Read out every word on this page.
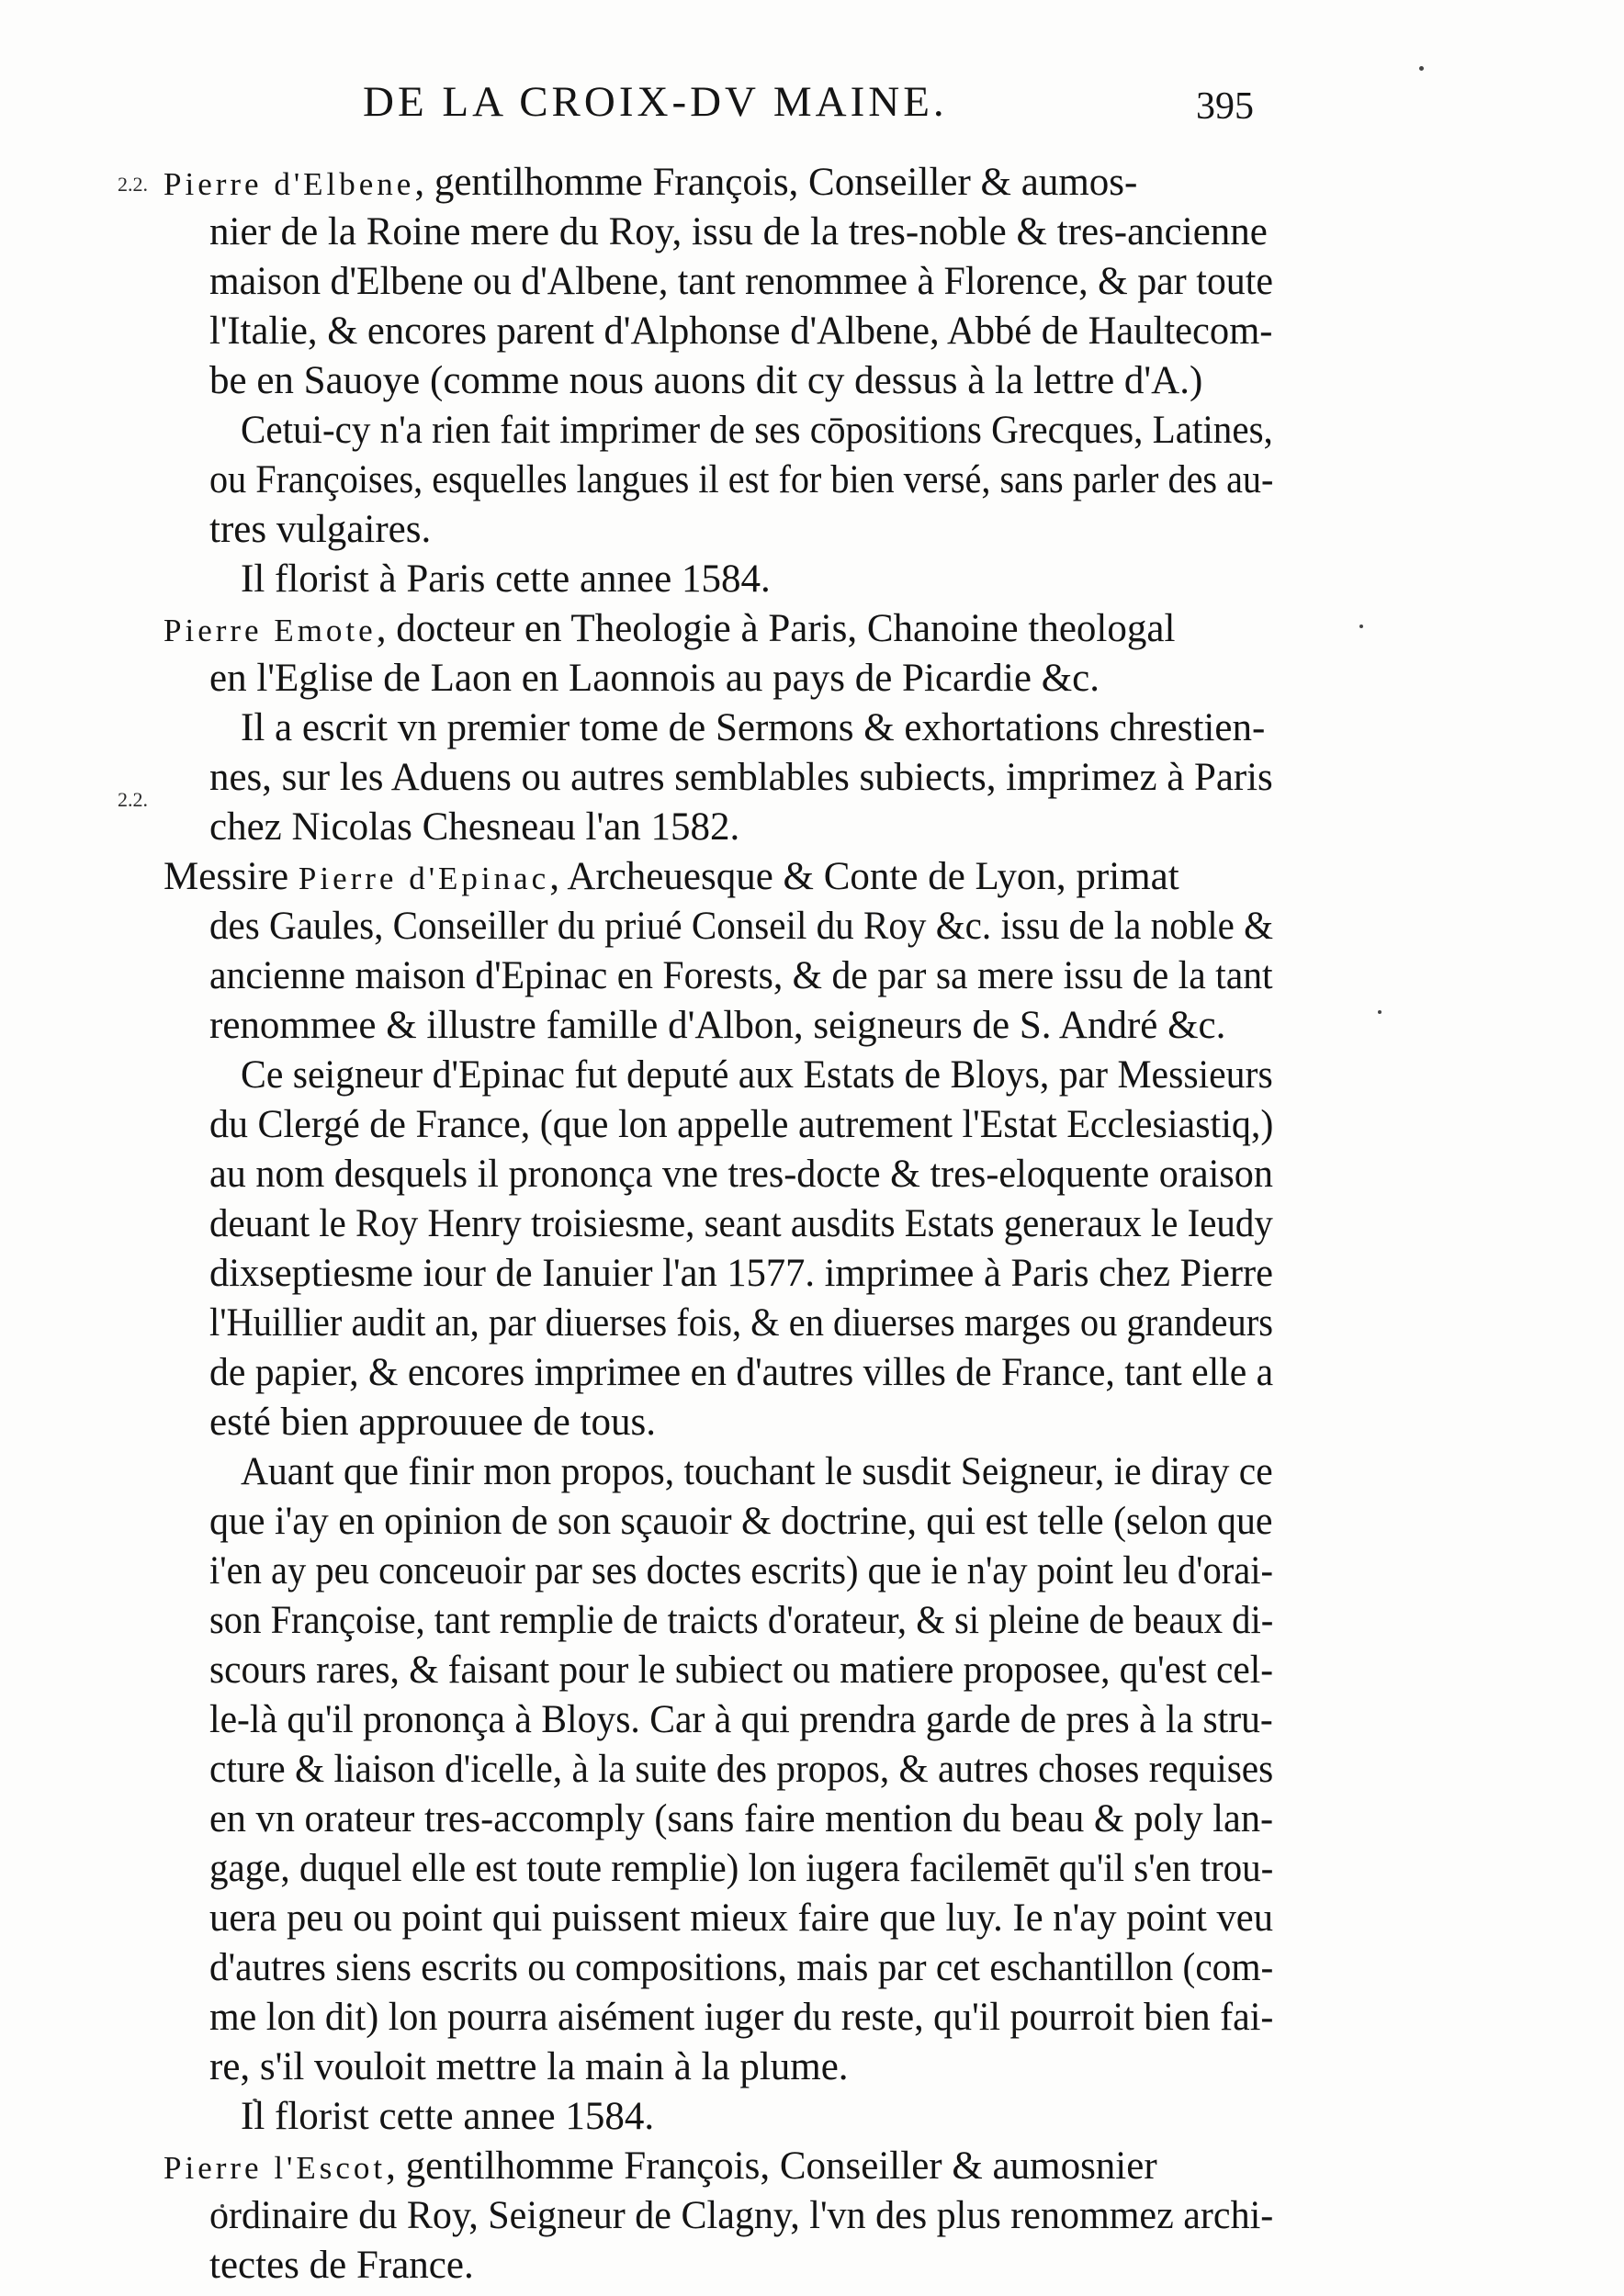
DE LA CROIX-DV MAINE.	395
2.2.
2.2.
Pierre d'Elbene, gentilhomme François, Conseiller & aumos-
nier de la Roine mere du Roy, issu de la tres-noble & tres-ancienne
maison d'Elbene ou d'Albene, tant renommee à Florence, & par toute
l'Italie, & encores parent d'Alphonse d'Albene, Abbé de Haultecom-
be en Sauoye (comme nous auons dit cy dessus à la lettre d'A.)
Cetui-cy n'a rien fait imprimer de ses cōpositions Grecques, Latines,
ou Françoises, esquelles langues il est for bien versé, sans parler des au-
tres vulgaires.
Il florist à Paris cette annee 1584.
Pierre Emote, docteur en Theologie à Paris, Chanoine theologal
en l'Eglise de Laon en Laonnois au pays de Picardie &c.
Il a escrit vn premier tome de Sermons & exhortations chrestien-
nes, sur les Aduens ou autres semblables subiects, imprimez à Paris
chez Nicolas Chesneau l'an 1582.
Messire Pierre d'Epinac, Archeuesque & Conte de Lyon, primat
des Gaules, Conseiller du priué Conseil du Roy &c. issu de la noble &
ancienne maison d'Epinac en Forests, & de par sa mere issu de la tant
renommee & illustre famille d'Albon, seigneurs de S. André &c.
Ce seigneur d'Epinac fut deputé aux Estats de Bloys, par Messieurs
du Clergé de France, (que lon appelle autrement l'Estat Ecclesiastiq,)
au nom desquels il prononça vne tres-docte & tres-eloquente oraison
deuant le Roy Henry troisiesme, seant ausdits Estats generaux le Ieudy
dixseptiesme iour de Ianuier l'an 1577. imprimee à Paris chez Pierre
l'Huillier audit an, par diuerses fois, & en diuerses marges ou grandeurs
de papier, & encores imprimee en d'autres villes de France, tant elle a
esté bien approuuee de tous.
Auant que finir mon propos, touchant le susdit Seigneur, ie diray ce
que i'ay en opinion de son sçauoir & doctrine, qui est telle (selon que
i'en ay peu conceuoir par ses doctes escrits) que ie n'ay point leu d'orai-
son Françoise, tant remplie de traicts d'orateur, & si pleine de beaux di-
scours rares, & faisant pour le subiect ou matiere proposee, qu'est cel-
le-là qu'il prononça à Bloys. Car à qui prendra garde de pres à la stru-
cture & liaison d'icelle, à la suite des propos, & autres choses requises
en vn orateur tres-accomply (sans faire mention du beau & poly lan-
gage, duquel elle est toute remplie) lon iugera facilemēt qu'il s'en trou-
uera peu ou point qui puissent mieux faire que luy. Ie n'ay point veu
d'autres siens escrits ou compositions, mais par cet eschantillon (com-
me lon dit) lon pourra aisément iuger du reste, qu'il pourroit bien fai-
re, s'il vouloit mettre la main à la plume.
Il florist cette annee 1584.
Pierre l'Escot, gentilhomme François, Conseiller & aumosnier
ordinaire du Roy, Seigneur de Clagny, l'vn des plus renommez archi-
tectes de France.
